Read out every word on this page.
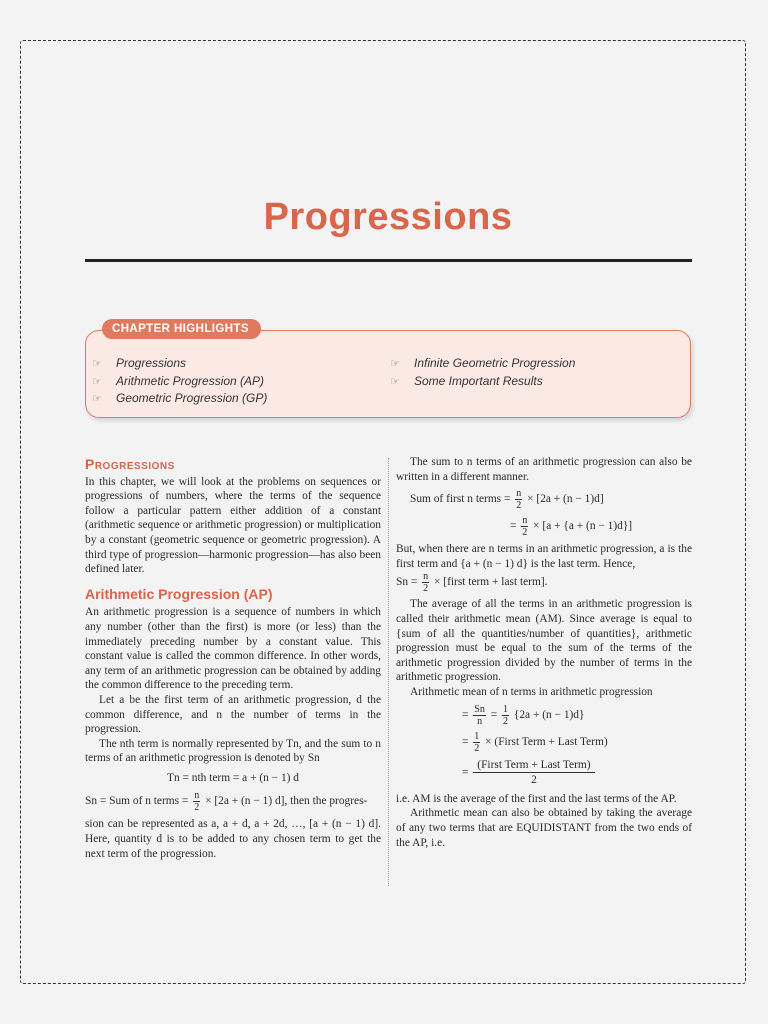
Progressions
CHAPTER HIGHLIGHTS
☞ Progressions
☞ Arithmetic Progression (AP)
☞ Geometric Progression (GP)
☞ Infinite Geometric Progression
☞ Some Important Results
Progressions

In this chapter, we will look at the problems on sequences or progressions of numbers, where the terms of the sequence follow a particular pattern either addition of a constant (arithmetic sequence or arithmetic progression) or multiplication by a constant (geometric sequence or geometric progression). A third type of progression—harmonic progression—has also been defined later.

Arithmetic Progression (AP)

An arithmetic progression is a sequence of numbers in which any number (other than the first) is more (or less) than the immediately preceding number by a constant value. This constant value is called the common difference. In other words, any term of an arithmetic progression can be obtained by adding the common difference to the preceding term.

Let a be the first term of an arithmetic progression, d the common difference, and n the number of terms in the progression.

The nth term is normally represented by Tn, and the sum to n terms of an arithmetic progression is denoted by Sn

Tn = nth term = a + (n − 1) d
Sn = Sum of n terms = $\frac{n}{2} \times [2a + (n - 1)$ d], then the progres-

sion can be represented as a, a + d, a + 2d, …, [a + (n − 1) d]. Here, quantity d is to be added to any chosen term to get the next term of the progression.

The sum to n terms of an arithmetic progression can also be written in a different manner.

Sum of first n terms = $\frac{n}{2} \times [2a + (n - 1)d]$
= $\frac{n}{2} \times [a + \{a + (n - 1)d\}]$

But, when there are n terms in an arithmetic progression, a is the first term and {a + (n − 1) d} is the last term. Hence,

$Sn = \frac{n}{2}$ × [first term + last term].

The average of all the terms in an arithmetic progression is called their arithmetic mean (AM). Since average is equal to {sum of all the quantities/number of quantities}, arithmetic progression must be equal to the sum of the terms of the arithmetic progression divided by the number of terms in the arithmetic progression.

Arithmetic mean of n terms in arithmetic progression

= $\frac{Sn}{n} = \frac{1}{2} \{2a + (n - 1)d\}$
= $\frac{1}{2}$ × (First Term + Last Term)
= $\frac{\text{(First Term + Last Term)}}{2}$

i.e. AM is the average of the first and the last terms of the AP.

Arithmetic mean can also be obtained by taking the average of any two terms that are EQUIDISTANT from the two ends of the AP, i.e.
